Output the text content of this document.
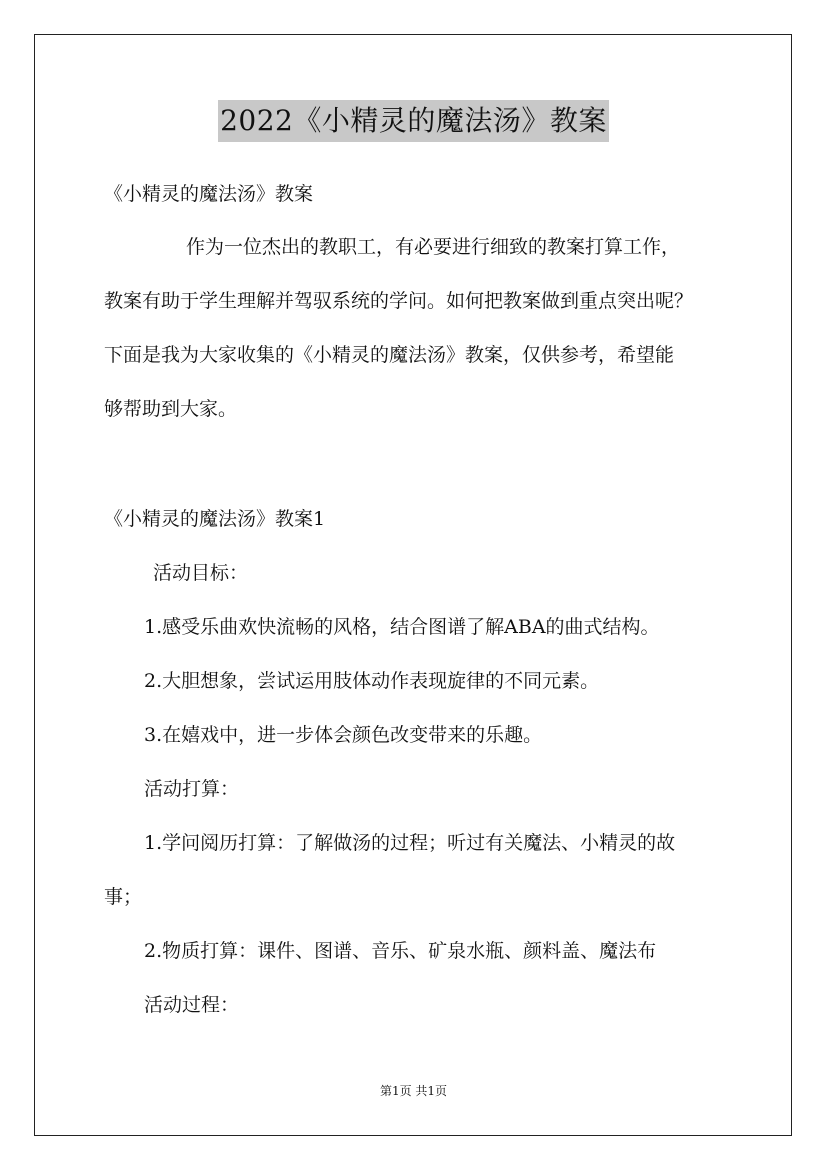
2022《小精灵的魔法汤》教案
《小精灵的魔法汤》教案
作为一位杰出的教职工，有必要进行细致的教案打算工作，
教案有助于学生理解并驾驭系统的学问。如何把教案做到重点突出呢？
下面是我为大家收集的《小精灵的魔法汤》教案，仅供参考，希望能
够帮助到大家。
《小精灵的魔法汤》教案1
活动目标：
1.感受乐曲欢快流畅的风格，结合图谱了解ABA的曲式结构。
2.大胆想象，尝试运用肢体动作表现旋律的不同元素。
3.在嬉戏中，进一步体会颜色改变带来的乐趣。
活动打算：
1.学问阅历打算：了解做汤的过程；听过有关魔法、小精灵的故
事；
2.物质打算：课件、图谱、音乐、矿泉水瓶、颜料盖、魔法布
活动过程：
第1页 共1页
